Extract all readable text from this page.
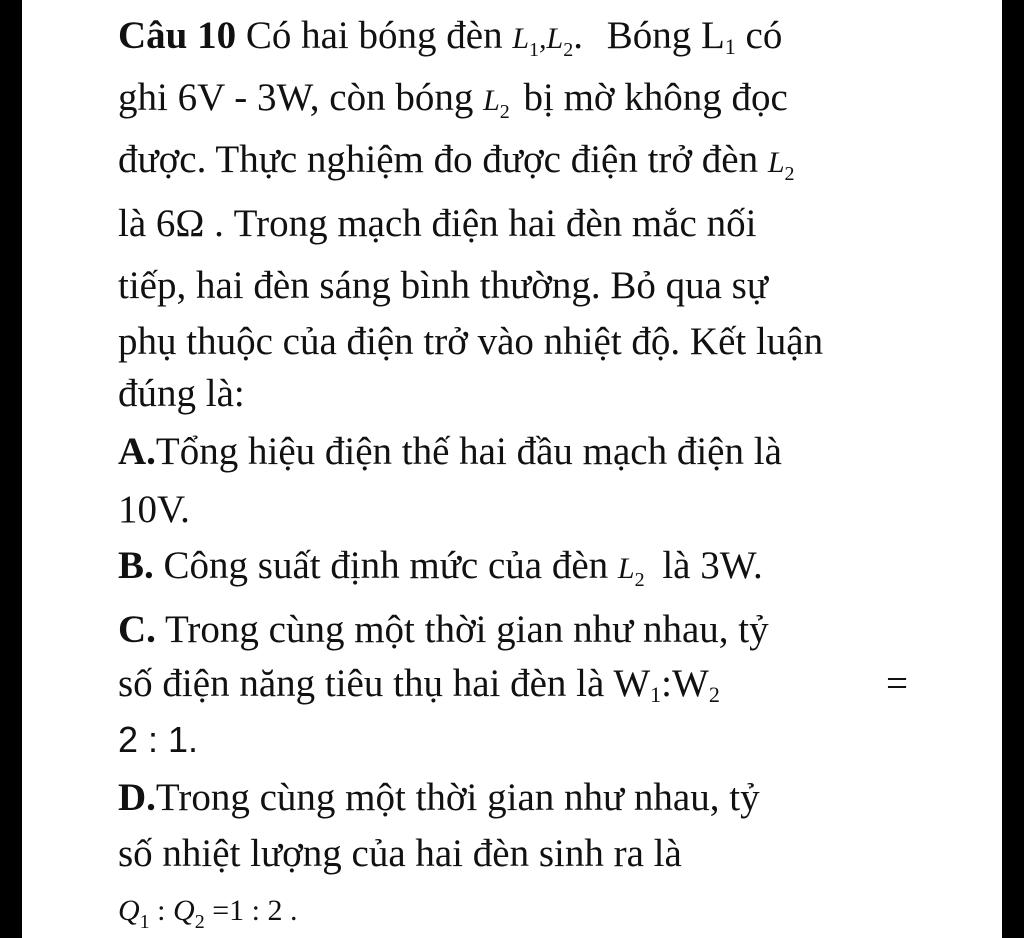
Câu 10 Có hai bóng đèn $L_1,L_2$. Bóng L1 có
ghi 6V - 3W, còn bóng $L_2$ bị mờ không đọc
được. Thực nghiệm đo được điện trở đèn $L_2$
là 6Ω . Trong mạch điện hai đèn mắc nối
tiếp, hai đèn sáng bình thường. Bỏ qua sự
phụ thuộc của điện trở vào nhiệt độ. Kết luận
đúng là:
A.Tổng hiệu điện thế hai đầu mạch điện là
10V.
B. Công suất định mức của đèn $L_2$ là 3W.
C. Trong cùng một thời gian như nhau, tỷ
số điện năng tiêu thụ hai đèn là W1:W2	=
2 : 1.
D.Trong cùng một thời gian như nhau, tỷ
số nhiệt lượng của hai đèn sinh ra là
$Q_1$ : $Q_2 =1$ : 2 .
